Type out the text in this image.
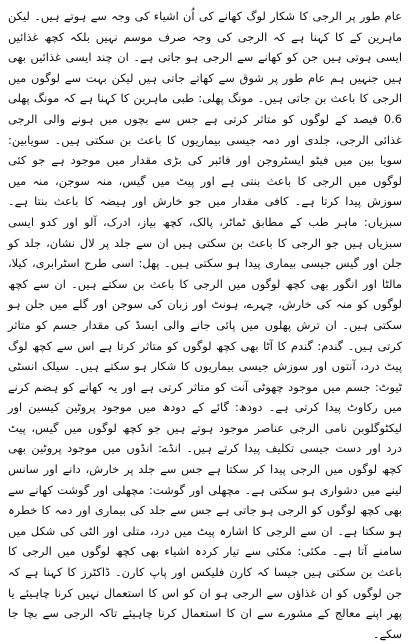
عام طور پر الرجی کا شکار لوگ کھانے کی اُن اشیاء کی وجہ سے ہوتے ہیں۔ لیکن ماہرین کے کا کہنا ہے کہ الرجی کی وجہ صرف موسم نہیں بلکہ کچھ غذائیں ایسی ہوتی ہیں جن کو کھانے سے الرجی ہو جاتی ہے۔ ان چند ایسی غذائیں بھی ہیں جنہیں ہم عام طور پر شوق سے کھاتے جاتی ہیں لیکن بہت سے لوگوں میں الرجی کا باعث بن جاتی ہیں۔ مونگ پھلی: طبی ماہرین کا کہنا ہے کہ مونگ پھلی 0.6 فیصد کے لوگوں کو متاثر کرتی ہے جس سے بچوں میں ہونے والی الرجی غذائی الرجی، جلدی اور دمہ جیسی بیماریوں کا باعث بن سکتی ہیں۔ سویابین: سویا بین میں فیٹو ایسٹروجن اور فائبر کی بڑی مقدار میں موجود ہے جو کئی لوگوں میں الرجی کا باعث بنتی ہے اور پیٹ میں گیس، منہ سوجن، منہ میں سوزش پیدا کرتا ہے۔ کافی مقدار میں جو خارش اور ہیضہ کا باعث بنتا ہے۔ سبزیاں: ماہر طب کے مطابق ٹماٹر، پالک، کچھ بیاز، ادرک، آلو اور کدو ایسی سبزیاں ہیں جو الرجی کا باعث بن سکتی ہیں ان سے جلد پر لال نشان، جلد کو جلن اور گیس جیسی بیماری پیدا ہو سکتی ہیں۔ پھل: اسی طرح اسٹرابری، کیلا، مالٹا اور انگور بھی کچھ لوگوں میں الرجی کا باعث بن سکتے ہیں۔ ان سے کچھ لوگوں کو منہ کی خارش، چہرے، ہونٹ اور زبان کی سوجن اور گلے میں جلن ہو سکتی ہیں۔ ان ترش پھلوں میں پائی جانے والی ایسڈ کی مقدار جسم کو متاثر کرتی ہیں۔ گندم: گندم کا آٹا بھی کچھ لوگوں کو متاثر کرتا ہے اس سے کچھ لوگ پیٹ درد، آنتوں اور سوزش جیسی بیماریوں کا شکار ہو سکتے ہیں۔ سیلک انسٹی ٹیوٹ: جسم میں موجود چھوٹی آنت کو متاثر کرتی ہے اور یہ کھانے کو ہضم کرنے میں رکاوٹ پیدا کرتی ہے۔ دودھ: گائے کے دودھ میں موجود پروٹین کیسین اور لیکٹوگلوبن نامی الرجی عناصر موجود ہوتے ہیں جو کچھ لوگوں میں گیس، پیٹ درد اور دست جیسی تکلیف پیدا کرتے ہیں۔ انڈے: انڈوں میں موجود پروٹین بھی کچھ لوگوں میں الرجی پیدا کر سکتا ہے جس سے جلد پر خارش، دانے اور سانس لینے میں دشواری ہو سکتی ہے۔ مچھلی اور گوشت: مچھلی اور گوشت کھانے سے بھی کچھ لوگوں کو الرجی ہو جاتی ہے جس سے جلد کی بیماری اور دمہ کا خطرہ ہو سکتا ہے۔ ان سے الرجی کا اشارہ پیٹ میں درد، متلی اور الٹی کی شکل میں سامنے آتا ہے۔ مکئی: مکئی سے تیار کردہ اشیاء بھی کچھ لوگوں میں الرجی کا باعث بن سکتی ہیں جیسا کہ کارن فلیکس اور پاپ کارن۔ ڈاکٹرز کا کہنا ہے کہ جن لوگوں کو ان غذاؤں سے الرجی ہو ان کو اس کا استعمال نہیں کرنا چاہیئے یا پھر اپنے معالج کے مشورے سے ان کا استعمال کرنا چاہیئے تاکہ الرجی سے بچا جا سکے۔
